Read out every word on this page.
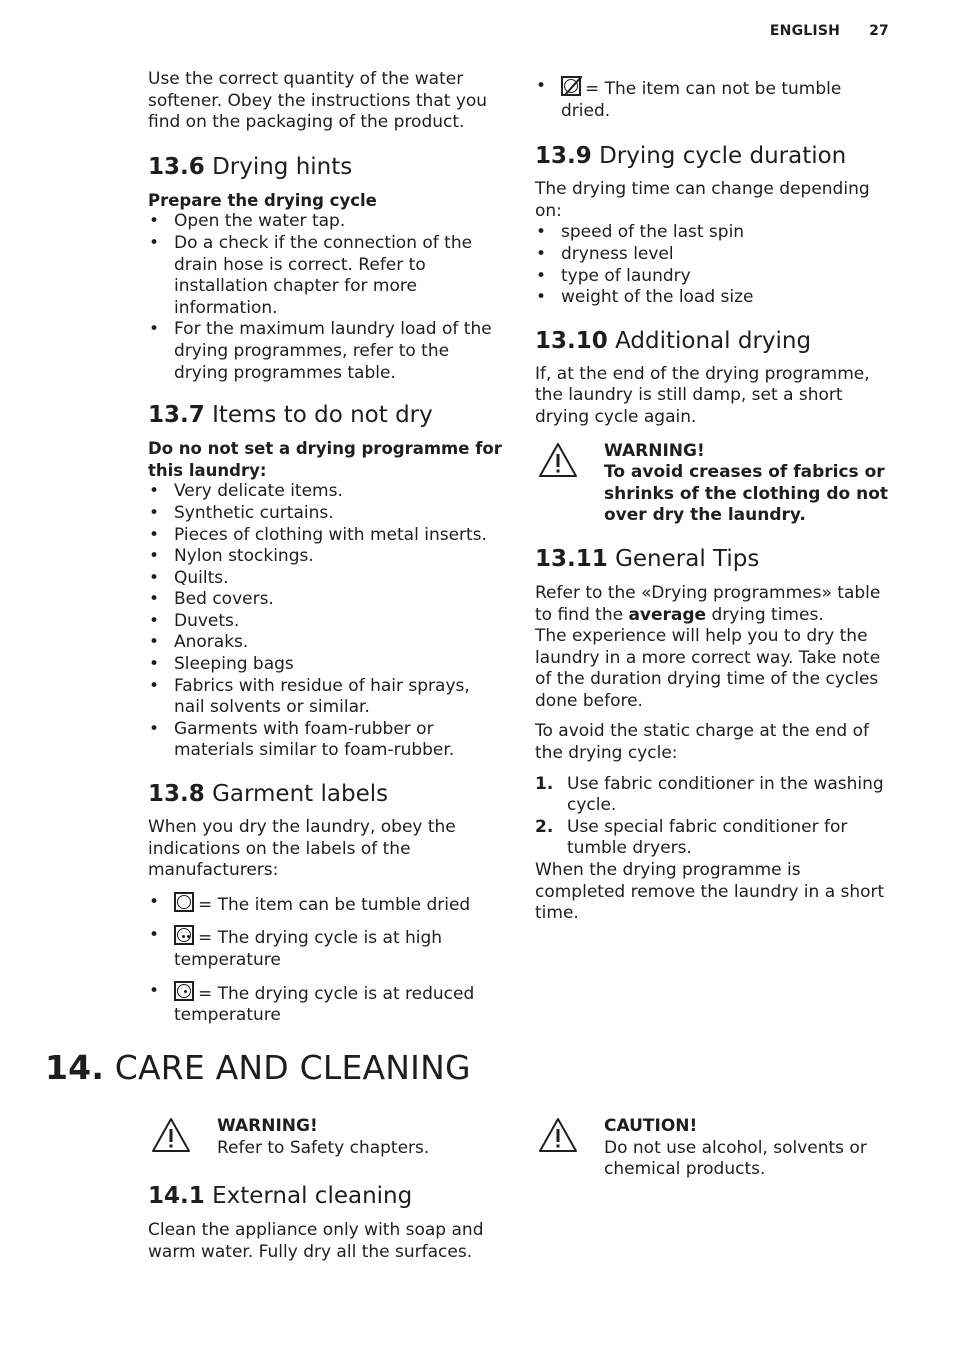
ENGLISH 27

Use the correct quantity of the water softener. Obey the instructions that you find on the packaging of the product.

13.6 Drying hints

Prepare the drying cycle

• Open the water tap.
• Do a check if the connection of the drain hose is correct. Refer to installation chapter for more information.
• For the maximum laundry load of the drying programmes, refer to the drying programmes table.
13.7 Items to do not dry

Do no not set a drying programme for this laundry:

• Very delicate items.
• Synthetic curtains.
• Pieces of clothing with metal inserts.
• Nylon stockings.
• Quilts.
• Bed covers.
• Duvets.
• Anoraks.
• Sleeping bags
• Fabrics with residue of hair sprays, nail solvents or similar.
• Garments with foam-rubber or materials similar to foam-rubber.
13.8 Garment labels

When you dry the laundry, obey the indications on the labels of the manufacturers:

• = The item can be tumble dried
• = The drying cycle is at high temperature
• = The drying cycle is at reduced temperature
• = The item can not be tumble dried.
13.9 Drying cycle duration

The drying time can change depending on:

• speed of the last spin
• dryness level
• type of laundry
• weight of the load size
13.10 Additional drying

If, at the end of the drying programme, the laundry is still damp, set a short drying cycle again.

WARNING!

To avoid creases of fabrics or shrinks of the clothing do not over dry the laundry.

13.11 General Tips

Refer to the «Drying programmes» table to find the average drying times.

The experience will help you to dry the laundry in a more correct way. Take note of the duration drying time of the cycles done before.

To avoid the static charge at the end of the drying cycle:

1. Use fabric conditioner in the washing cycle.
2. Use special fabric conditioner for tumble dryers.

When the drying programme is completed remove the laundry in a short time.

14. CARE AND CLEANING

WARNING!

Refer to Safety chapters.

CAUTION!

Do not use alcohol, solvents or chemical products.

14.1 External cleaning

Clean the appliance only with soap and warm water. Fully dry all the surfaces.
